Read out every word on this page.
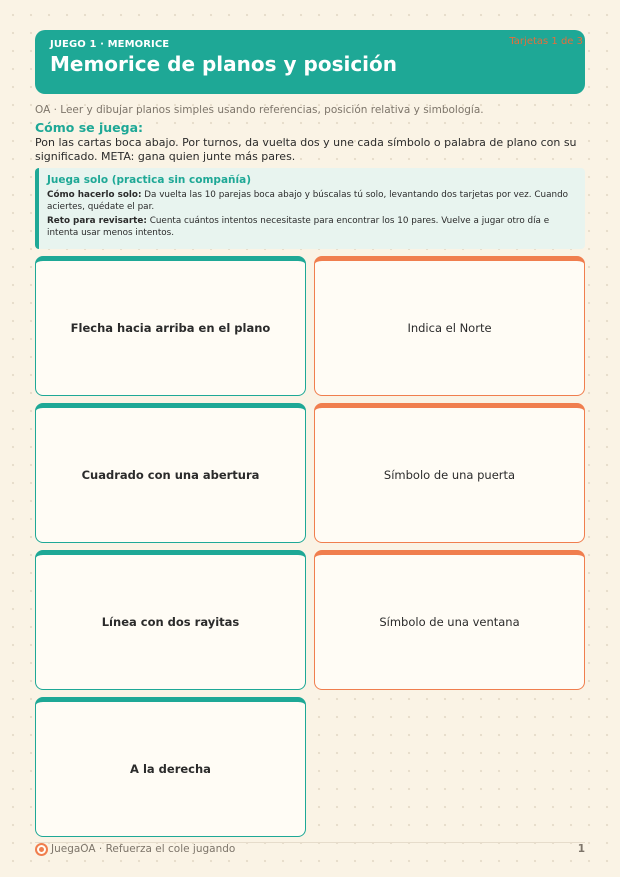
JUEGO 1 · MEMORICE
Memorice de planos y posición
Tarjetas 1 de 3
OA · Leer y dibujar planos simples usando referencias, posición relativa y simbología.
Cómo se juega:
Pon las cartas boca abajo. Por turnos, da vuelta dos y une cada símbolo o palabra de plano con su significado. META: gana quien junte más pares.
Juega solo (practica sin compañía)

Cómo hacerlo solo: Da vuelta las 10 parejas boca abajo y búscalas tú solo, levantando dos tarjetas por vez. Cuando aciertes, quédate el par.

Reto para revisarte: Cuenta cuántos intentos necesitaste para encontrar los 10 pares. Vuelve a jugar otro día e intenta usar menos intentos.

Flecha hacia arriba en el plano	Indica el Norte
Cuadrado con una abertura	Símbolo de una puerta
Línea con dos rayitas	Símbolo de una ventana
A la derecha
JuegaOA · Refuerza el cole jugando	1
